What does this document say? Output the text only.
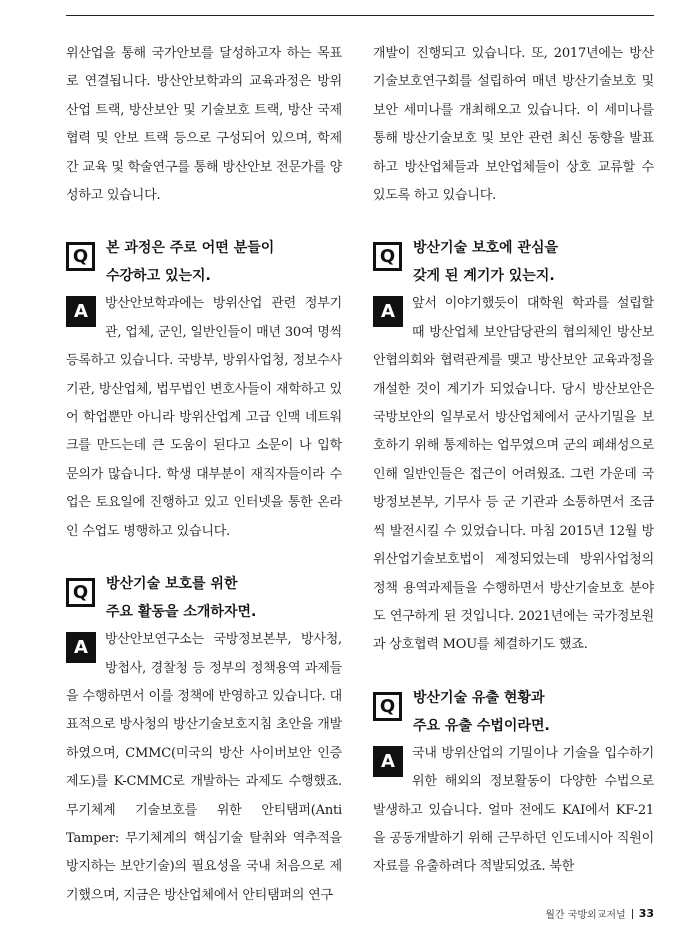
위산업을 통해 국가안보를 달성하고자 하는 목표로 연결됩니다. 방산안보학과의 교육과정은 방위산업 트랙, 방산보안 및 기술보호 트랙, 방산 국제협력 및 안보 트랙 등으로 구성되어 있으며, 학제간 교육 및 학술연구를 통해 방산안보 전문가를 양성하고 있습니다.

Q	본 과정은 주로 어떤 분들이

수강하고 있는지.

A	방산안보학과에는 방위산업 관련 정부기관, 업체, 군인, 일반인들이 매년 30여 명씩 등록하고 있습니다. 국방부, 방위사업청, 정보수사기관, 방산업체, 법무법인 변호사들이 재학하고 있어 학업뿐만 아니라 방위산업계 고급 인맥 네트워크를 만드는데 큰 도움이 된다고 소문이 나 입학 문의가 많습니다. 학생 대부분이 재직자들이라 수업은 토요일에 진행하고 있고 인터넷을 통한 온라인 수업도 병행하고 있습니다.

Q	방산기술 보호를 위한

주요 활동을 소개하자면.

A	방산안보연구소는 국방정보본부, 방사청, 방첩사, 경찰청 등 정부의 정책용역 과제들을 수행하면서 이를 정책에 반영하고 있습니다. 대표적으로 방사청의 방산기술보호지침 초안을 개발하였으며, CMMC(미국의 방산 사이버보안 인증제도)를 K-CMMC로 개발하는 과제도 수행했죠. 무기체계 기술보호를 위한 안티탬퍼(Anti Tamper: 무기체계의 핵심기술 탈취와 역추적을 방지하는 보안기술)의 필요성을 국내 처음으로 제기했으며, 지금은 방산업체에서 안티탬퍼의 연구

개발이 진행되고 있습니다. 또, 2017년에는 방산기술보호연구회를 설립하여 매년 방산기술보호 및 보안 세미나를 개최해오고 있습니다. 이 세미나를 통해 방산기술보호 및 보안 관련 최신 동향을 발표하고 방산업체들과 보안업체들이 상호 교류할 수 있도록 하고 있습니다.

Q	방산기술 보호에 관심을

갖게 된 계기가 있는지.

A	앞서 이야기했듯이 대학원 학과를 설립할 때 방산업체 보안담당관의 협의체인 방산보안협의회와 협력관계를 맺고 방산보안 교육과정을 개설한 것이 계기가 되었습니다. 당시 방산보안은 국방보안의 일부로서 방산업체에서 군사기밀을 보호하기 위해 통제하는 업무였으며 군의 폐쇄성으로 인해 일반인들은 접근이 어려웠죠. 그런 가운데 국방정보본부, 기무사 등 군 기관과 소통하면서 조금씩 발전시킬 수 있었습니다. 마침 2015년 12월 방위산업기술보호법이 제정되었는데 방위사업청의 정책 용역과제들을 수행하면서 방산기술보호 분야도 연구하게 된 것입니다. 2021년에는 국가정보원과 상호협력 MOU를 체결하기도 했죠.

Q	방산기술 유출 현황과

주요 유출 수법이라면.

A	국내 방위산업의 기밀이나 기술을 입수하기 위한 해외의 정보활동이 다양한 수법으로 발생하고 있습니다. 얼마 전에도 KAI에서 KF-21을 공동개발하기 위해 근무하던 인도네시아 직원이 자료를 유출하려다 적발되었죠. 북한

월간 국방외교저널 33
